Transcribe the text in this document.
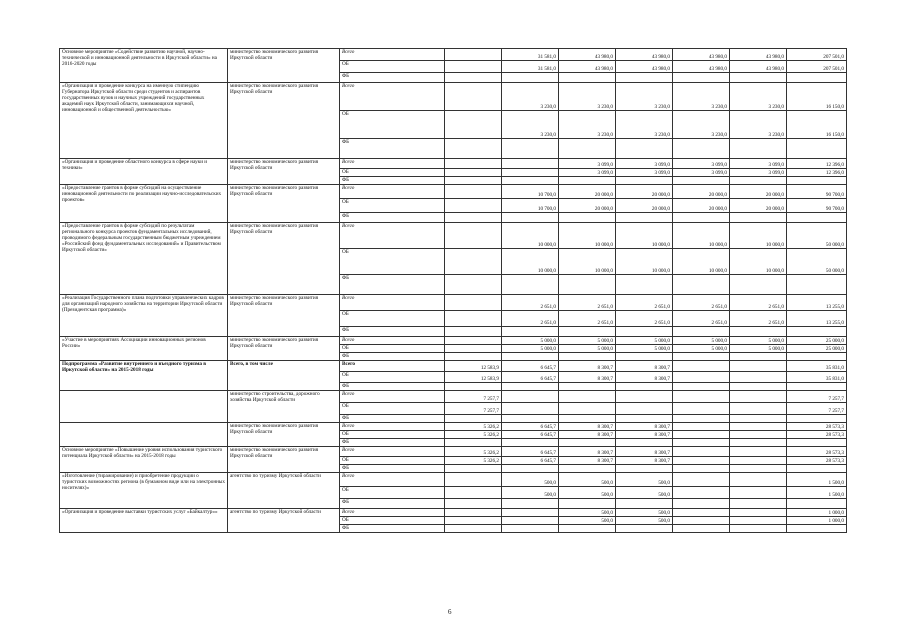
Основное мероприятие «Содействие развитию научной, научно-технической и инновационной деятельности в Иркутской области» на 2016-2020 годы	министерство экономического развития Иркутской области	Всего		31 581,0	43 980,0	43 980,0	43 980,0	43 980,0	207 501,0
		ОБ		31 581,0	43 980,0	43 980,0	43 980,0	43 980,0	207 501,0
		ФБ							
«Организация и проведение конкурса на именную стипендию Губернатора Иркутской области среди студентов и аспирантов государственных вузов и научных учреждений государственных академий наук Иркутской области, занимающихся научной, инновационной и общественной деятельностью»	министерство экономического развития Иркутской области	Всего		3 230,0	3 230,0	3 230,0	3 230,0	3 230,0	16 150,0
		ОБ		3 230,0	3 230,0	3 230,0	3 230,0	3 230,0	16 150,0
		ФБ							
«Организация и проведение областного конкурса в сфере науки и техники»	министерство экономического развития Иркутской области	Всего			3 099,0	3 099,0	3 099,0	3 099,0	12 396,0
		ОБ			3 099,0	3 099,0	3 099,0	3 099,0	12 396,0
		ФБ							
«Предоставление грантов в форме субсидий на осуществление инновационной деятельности по реализации научно-исследовательских проектов»	министерство экономического развития Иркутской области	Всего		10 700,0	20 000,0	20 000,0	20 000,0	20 000,0	90 700,0
		ОБ		10 700,0	20 000,0	20 000,0	20 000,0	20 000,0	90 700,0
		ФБ							
«Предоставление грантов в форме субсидий по результатам регионального конкурса проектов фундаментальных исследований, проводимого федеральным государственным бюджетным учреждением «Российский фонд фундаментальных исследований» и Правительством Иркутской области»	министерство экономического развития Иркутской области	Всего		10 000,0	10 000,0	10 000,0	10 000,0	10 000,0	50 000,0
		ОБ		10 000,0	10 000,0	10 000,0	10 000,0	10 000,0	50 000,0
		ФБ							
«Реализация Государственного плана подготовки управленческих кадров для организаций народного хозяйства на территории Иркутской области (Президентская программа)»	министерство экономического развития Иркутской области	Всего		2 651,0	2 651,0	2 651,0	2 651,0	2 651,0	13 255,0
		ОБ		2 651,0	2 651,0	2 651,0	2 651,0	2 651,0	13 255,0
		ФБ							
«Участие в мероприятиях Ассоциации инновационных регионов России»	министерство экономического развития Иркутской области	Всего		5 000,0	5 000,0	5 000,0	5 000,0	5 000,0	25 000,0
		ОБ		5 000,0	5 000,0	5 000,0	5 000,0	5 000,0	25 000,0
		ФБ							
Подпрограмма «Развитие внутреннего и въездного туризма в Иркутской области» на 2015-2018 годы	Всего, в том числе	Всего	12 583,9	6 645,7	8 300,7	8 300,7			35 831,0
		ОБ	12 583,9	6 645,7	8 300,7	8 300,7			35 831,0
		ФБ							
	министерство строительства, дорожного хозяйства Иркутской области	Всего	7 257,7						7 257,7
		ОБ	7 257,7						7 257,7
		ФБ							
	министерство экономического развития Иркутской области	Всего	5 326,2	6 645,7	8 300,7	8 300,7			28 573,3
		ОБ	5 326,2	6 645,7	8 300,7	8 300,7			28 573,3
		ФБ							
Основное мероприятие «Повышение уровня использования туристского потенциала Иркутской области» на 2015-2018 годы	министерство экономического развития Иркутской области	Всего	5 326,2	6 645,7	8 300,7	8 300,7			28 573,3
		ОБ	5 326,2	6 645,7	8 300,7	8 300,7			28 573,3
		ФБ							
«Изготовление (тиражирование) и приобретение продукции о туристских возможностях региона (в бумажном виде или на электронных носителях)»	агентство по туризму Иркутской области	Всего		500,0	500,0	500,0			1 500,0
		ОБ		500,0	500,0	500,0			1 500,0
		ФБ							
«Организация и проведение выставки туристских услуг «Байкалтур»»	агентство по туризму Иркутской области	Всего			500,0	500,0			1 000,0
		ОБ			500,0	500,0			1 000,0
		ФБ							
6
